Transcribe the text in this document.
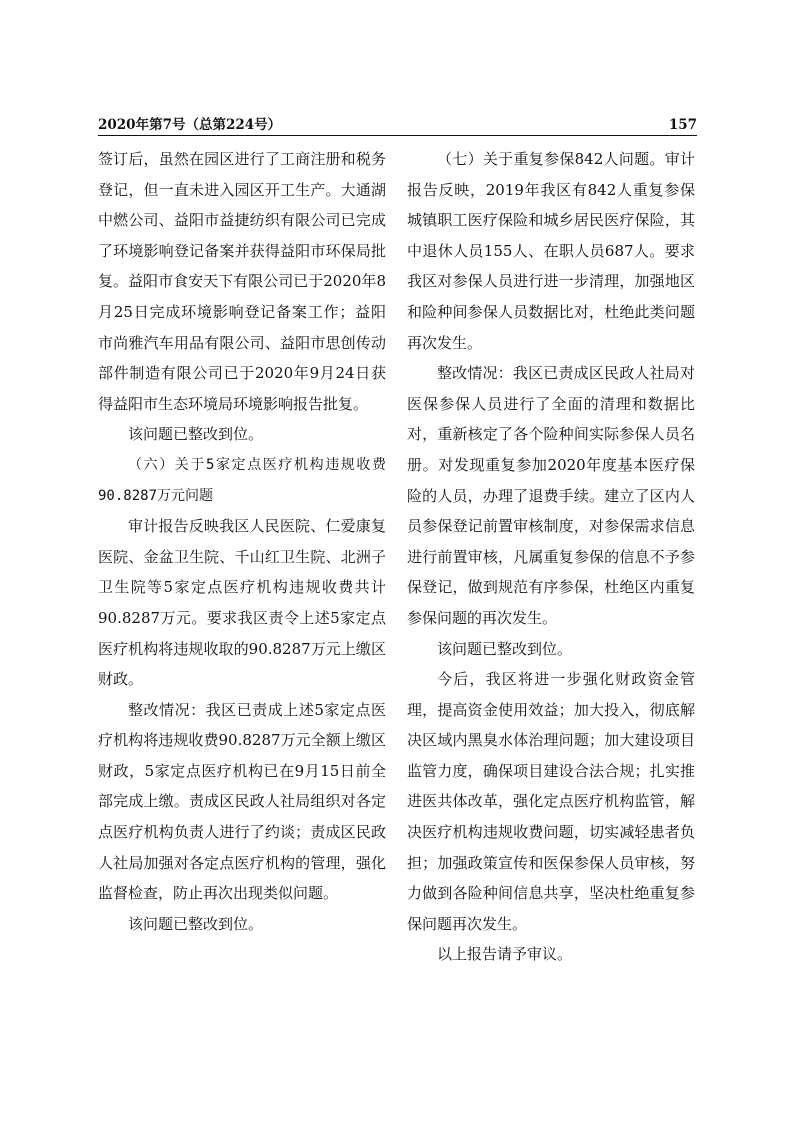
2020年第7号（总第224号）	157

签订后，虽然在园区进行了工商注册和税务登记，但一直未进入园区开工生产。大通湖中燃公司、益阳市益捷纺织有限公司已完成了环境影响登记备案并获得益阳市环保局批复。益阳市食安天下有限公司已于2020年8月25日完成环境影响登记备案工作；益阳市尚雅汽车用品有限公司、益阳市思创传动部件制造有限公司已于2020年9月24日获得益阳市生态环境局环境影响报告批复。

该问题已整改到位。

（六）关于5家定点医疗机构违规收费90.8287万元问题

审计报告反映我区人民医院、仁爱康复医院、金盆卫生院、千山红卫生院、北洲子卫生院等5家定点医疗机构违规收费共计90.8287万元。要求我区责令上述5家定点医疗机构将违规收取的90.8287万元上缴区财政。

整改情况：我区已责成上述5家定点医疗机构将违规收费90.8287万元全额上缴区财政，5家定点医疗机构已在9月15日前全部完成上缴。责成区民政人社局组织对各定点医疗机构负责人进行了约谈；责成区民政人社局加强对各定点医疗机构的管理，强化监督检查，防止再次出现类似问题。

该问题已整改到位。

（七）关于重复参保842人问题。审计报告反映，2019年我区有842人重复参保城镇职工医疗保险和城乡居民医疗保险，其中退休人员155人、在职人员687人。要求我区对参保人员进行进一步清理，加强地区和险种间参保人员数据比对，杜绝此类问题再次发生。

整改情况：我区已责成区民政人社局对医保参保人员进行了全面的清理和数据比对，重新核定了各个险种间实际参保人员名册。对发现重复参加2020年度基本医疗保险的人员，办理了退费手续。建立了区内人员参保登记前置审核制度，对参保需求信息进行前置审核，凡属重复参保的信息不予参保登记，做到规范有序参保，杜绝区内重复参保问题的再次发生。

该问题已整改到位。

今后，我区将进一步强化财政资金管理，提高资金使用效益；加大投入，彻底解决区域内黑臭水体治理问题；加大建设项目监管力度，确保项目建设合法合规；扎实推进医共体改革，强化定点医疗机构监管，解决医疗机构违规收费问题，切实减轻患者负担；加强政策宣传和医保参保人员审核，努力做到各险种间信息共享，坚决杜绝重复参保问题再次发生。

以上报告请予审议。
